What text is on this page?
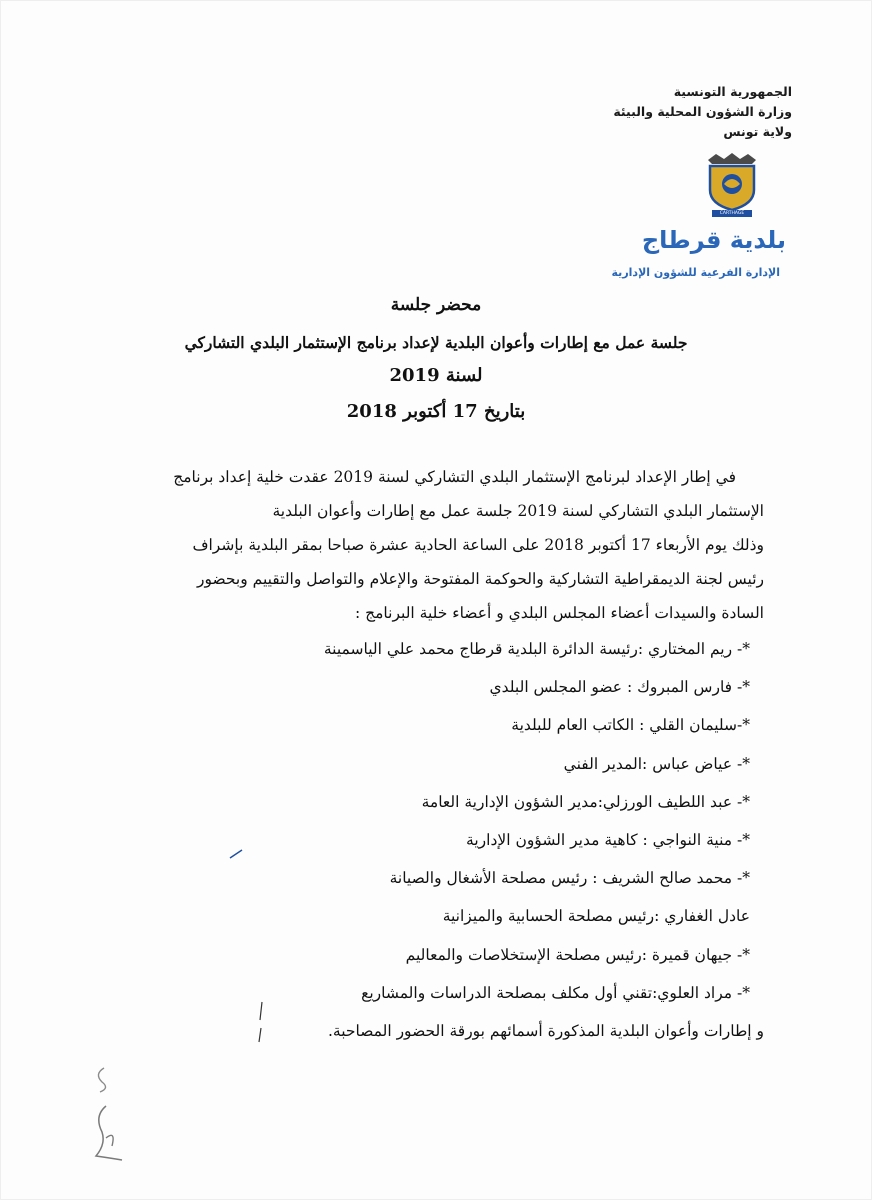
الجمهورية التونسية
وزارة الشؤون المحلية والبيئة
ولاية تونس
CARTHAGE
بلدية قرطاج
الإدارة الفرعية للشؤون الإدارية
محضر جلسة
جلسة عمل مع إطارات وأعوان البلدية لإعداد برنامج الإستثمار البلدي التشاركي
لسنة 2019
بتاريخ 17 أكتوبر 2018
في إطار الإعداد لبرنامج الإستثمار البلدي التشاركي لسنة 2019 عقدت خلية إعداد برنامج
الإستثمار البلدي التشاركي لسنة 2019 جلسة عمل مع إطارات وأعوان البلدية
وذلك يوم الأربعاء 17 أكتوبر 2018 على الساعة الحادية عشرة صباحا بمقر البلدية بإشراف
رئيس لجنة الديمقراطية التشاركية والحوكمة المفتوحة والإعلام والتواصل والتقييم وبحضور
السادة والسيدات أعضاء المجلس البلدي و أعضاء خلية البرنامج :
*- ريم المختاري :رئيسة الدائرة البلدية قرطاج محمد علي الياسمينة
*- فارس المبروك : عضو المجلس البلدي
*-سليمان القلي : الكاتب العام للبلدية
*- عياض عباس :المدير الفني
*- عبد اللطيف الورزلي:مدير الشؤون الإدارية العامة
*- منية النواجي : كاهية مدير الشؤون الإدارية
*- محمد صالح الشريف : رئيس مصلحة الأشغال والصيانة
عادل الغفاري :رئيس مصلحة الحسابية والميزانية
*- جيهان قميرة :رئيس مصلحة الإستخلاصات والمعاليم
*- مراد العلوي:تقني أول مكلف بمصلحة الدراسات والمشاريع
و إطارات وأعوان البلدية المذكورة أسمائهم بورقة الحضور المصاحبة.
